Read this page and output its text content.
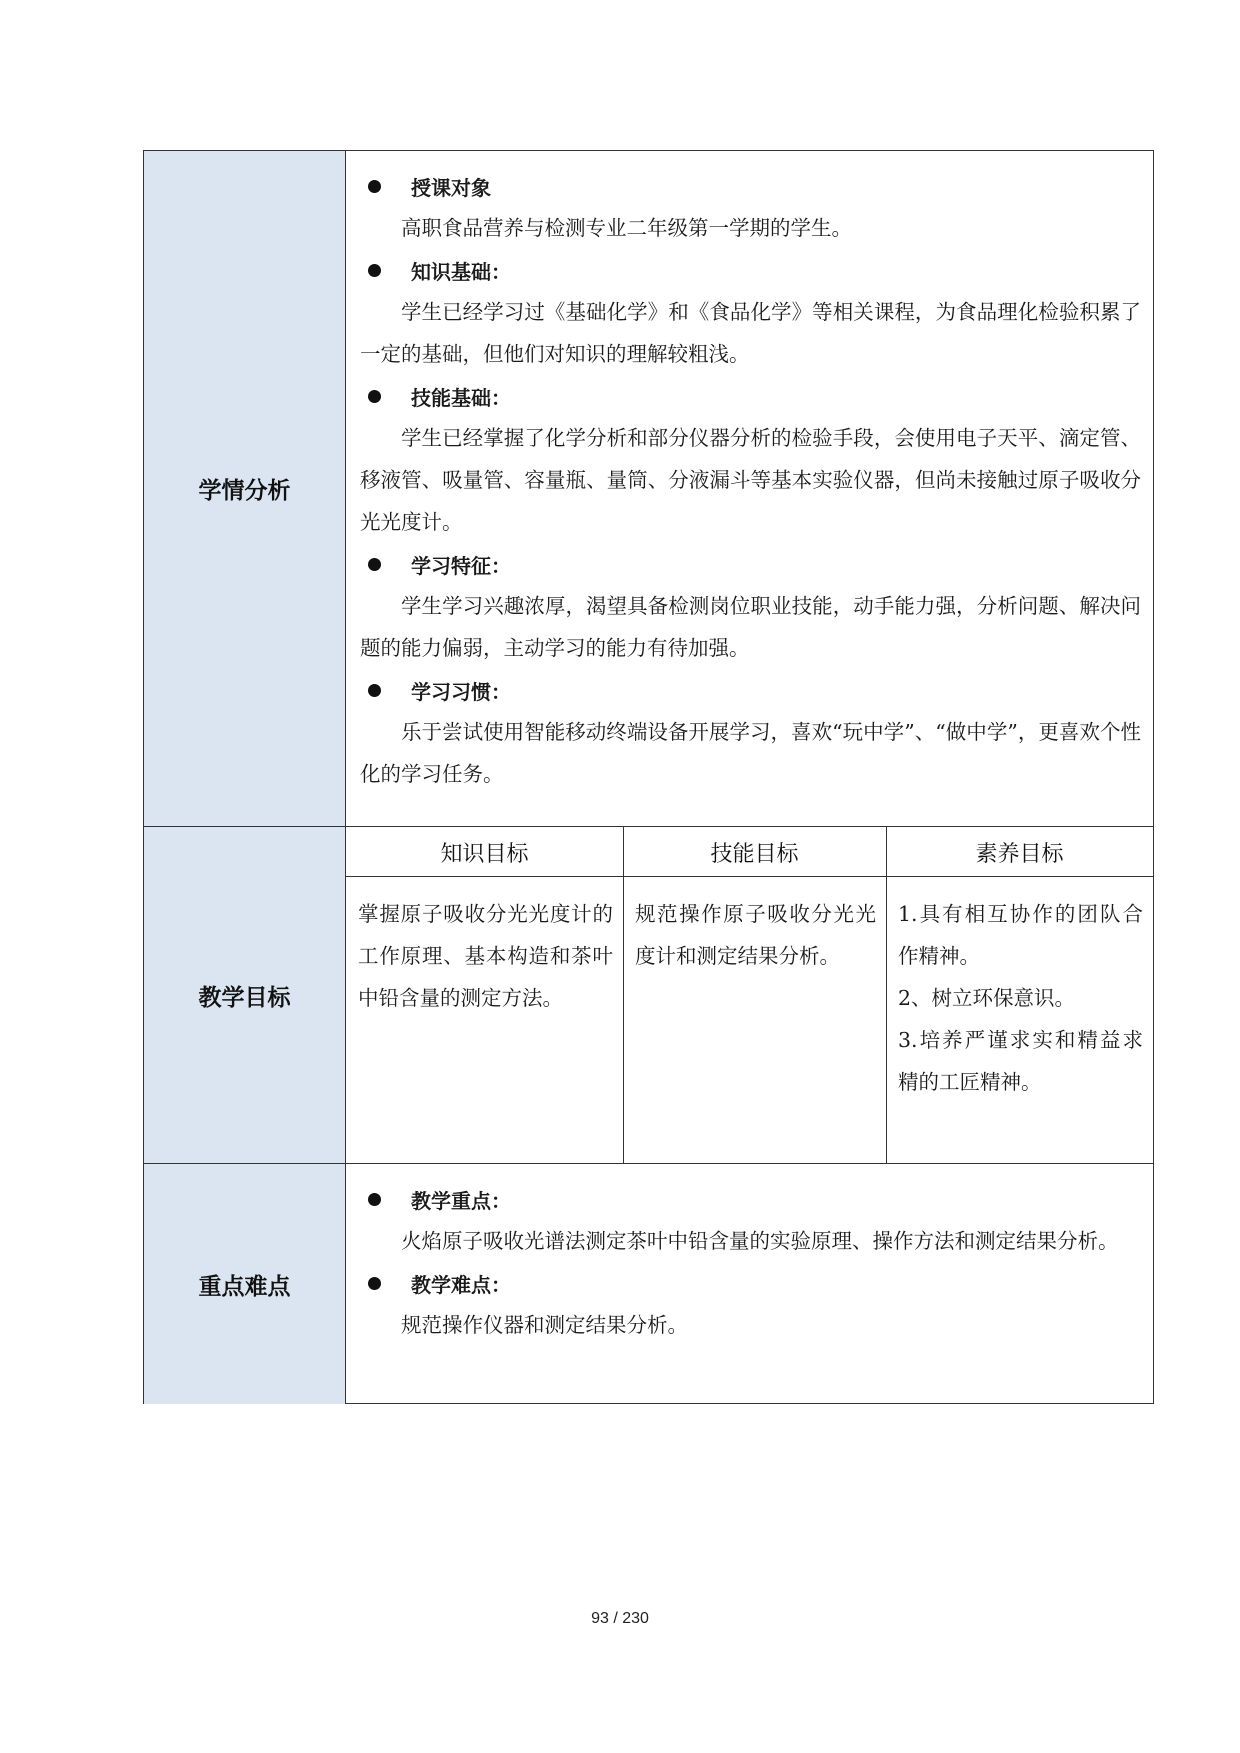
学情分析
授课对象

高职食品营养与检测专业二年级第一学期的学生。

知识基础：

学生已经学习过《基础化学》和《食品化学》等相关课程，为食品理化检验积累了一定的基础，但他们对知识的理解较粗浅。

技能基础：

学生已经掌握了化学分析和部分仪器分析的检验手段，会使用电子天平、滴定管、移液管、吸量管、容量瓶、量筒、分液漏斗等基本实验仪器，但尚未接触过原子吸收分光光度计。

学习特征：

学生学习兴趣浓厚，渴望具备检测岗位职业技能，动手能力强，分析问题、解决问题的能力偏弱，主动学习的能力有待加强。

学习习惯：

乐于尝试使用智能移动终端设备开展学习，喜欢“玩中学”、“做中学”，更喜欢个性化的学习任务。

教学目标
知识目标	技能目标	素养目标
掌握原子吸收分光光度计的工作原理、基本构造和茶叶中铅含量的测定方法。
规范操作原子吸收分光光度计和测定结果分析。
1.具有相互协作的团队合作精神。
2、树立环保意识。
3.培养严谨求实和精益求精的工匠精神。
重点难点
教学重点：

火焰原子吸收光谱法测定茶叶中铅含量的实验原理、操作方法和测定结果分析。

教学难点：

规范操作仪器和测定结果分析。

93 / 230
